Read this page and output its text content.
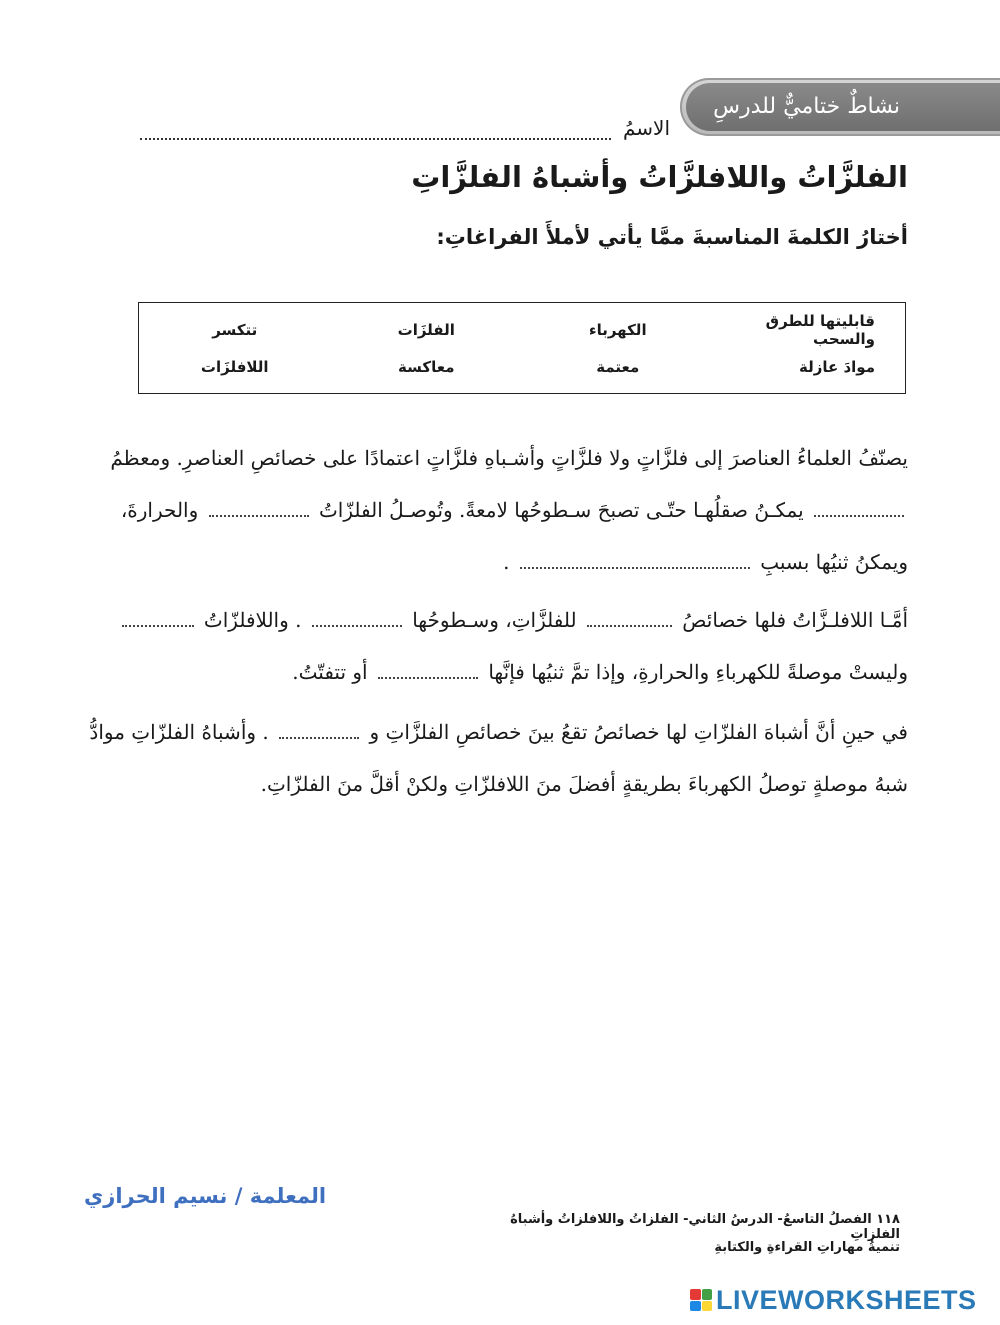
نشاطٌ ختاميٌّ للدرسِ
الاسمُ
الفلزَّاتُ واللافلزَّاتُ وأشباهُ الفلزَّاتِ
أختارُ الكلمةَ المناسبةَ ممَّا يأتي لأملأَ الفراغاتِ:
قابليتها للطرق والسحب
الكهرباء
الفلزَات
تتكسر
موادَ عازلة
معتمة
معاكسة
اللافلزَات
يصنّفُ العلماءُ العناصرَ إلى فلزَّاتٍ ولا فلزَّاتٍ وأشـباهِ فلزَّاتٍ اعتمادًا على خصائصِ العناصرِ. ومعظمُ
يمكـنُ صقلُهـا حتّـى تصبحَ سـطوحُها لامعةً. وتُوصـلُ الفلزّاتُ  والحرارةَ،
ويمكنُ ثنيُها بسببِ  .
أمَّـا اللافلـزَّاتُ فلها خصائصُ  للفلزَّاتِ، وسـطوحُها  . واللافلزّاتُ
وليستْ موصلةً للكهرباءِ والحرارةِ، وإذا تمَّ ثنيُها فإنَّها  أو تتفتّتُ.
في حينِ أنَّ أشباهَ الفلزّاتِ لها خصائصُ تقعُ بينَ خصائصِ الفلزَّاتِ و  . وأشباهُ الفلزّاتِ موادُّ
شبهُ موصلةٍ توصلُ الكهرباءَ بطريقةٍ أفضلَ منَ اللافلزّاتِ ولكنْ أقلَّ منَ الفلزّاتِ.
المعلمة / نسيم الحرازي
١١٨ الفصلُ التاسعُ- الدرسُ الثاني- الفلزاتُ واللافلزاتُ وأشباهُ الفلزاتِ
تنميةُ مهاراتِ القراءةِ والكتابةِ
LIVEWORKSHEETS
